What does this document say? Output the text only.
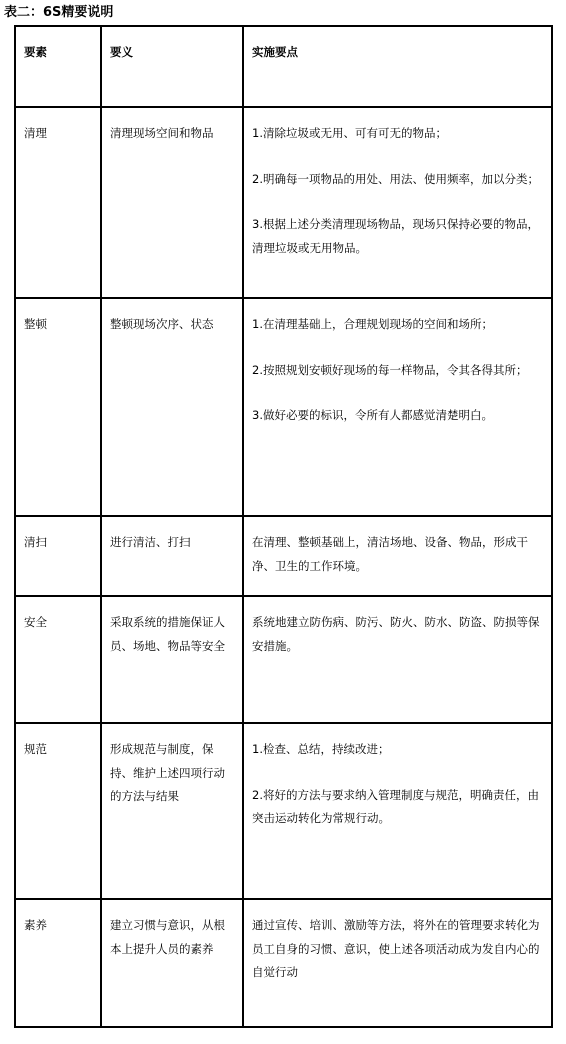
表二：6S精要说明
要素	要义	实施要点
清理	清理现场空间和物品	1.清除垃圾或无用、可有可无的物品；
2.明确每一项物品的用处、用法、使用频率，加以分类；
3.根据上述分类清理现场物品，现场只保持必要的物品，清理垃圾或无用物品。

整顿	整顿现场次序、状态	1.在清理基础上，合理规划现场的空间和场所；
2.按照规划安顿好现场的每一样物品，令其各得其所；
3.做好必要的标识，令所有人都感觉清楚明白。

清扫	进行清洁、打扫	在清理、整顿基础上，清洁场地、设备、物品，形成干净、卫生的工作环境。

安全	采取系统的措施保证人员、场地、物品等安全	系统地建立防伤病、防污、防火、防水、防盗、防损等保安措施。

规范	形成规范与制度，保持、维护上述四项行动的方法与结果	1.检查、总结，持续改进；
2.将好的方法与要求纳入管理制度与规范，明确责任，由突击运动转化为常规行动。

素养	建立习惯与意识，从根本上提升人员的素养	通过宣传、培训、激励等方法，将外在的管理要求转化为员工自身的习惯、意识，使上述各项活动成为发自内心的自觉行动
